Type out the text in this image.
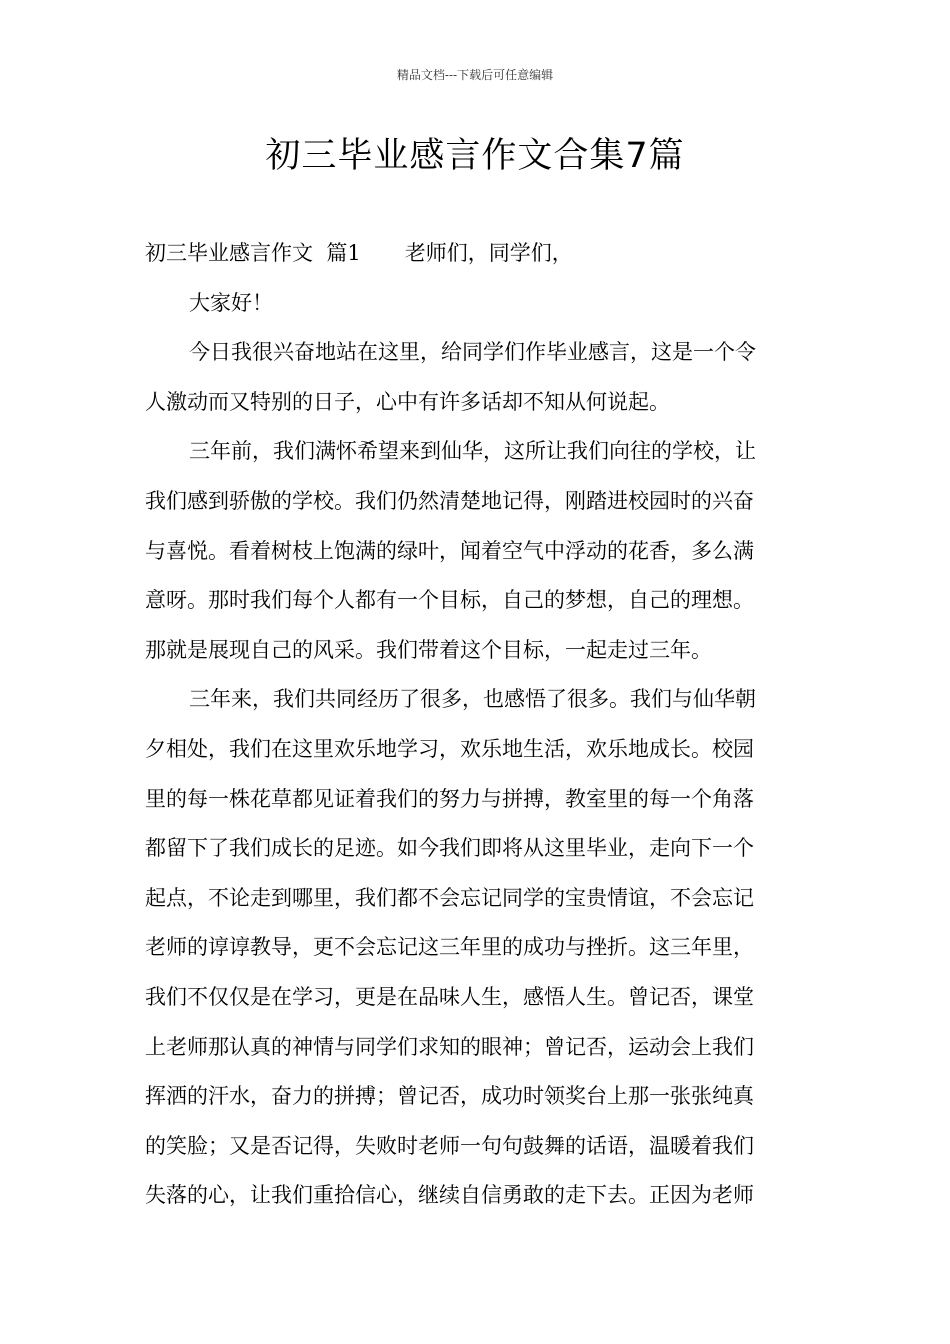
精品文档---下载后可任意编辑
初三毕业感言作文合集7篇
初三毕业感言作文  篇1 老师们，同学们，
大家好！
今日我很兴奋地站在这里，给同学们作毕业感言，这是一个令
人激动而又特别的日子，心中有许多话却不知从何说起。
三年前，我们满怀希望来到仙华，这所让我们向往的学校，让
我们感到骄傲的学校。我们仍然清楚地记得，刚踏进校园时的兴奋
与喜悦。看着树枝上饱满的绿叶，闻着空气中浮动的花香，多么满
意呀。那时我们每个人都有一个目标，自己的梦想，自己的理想。
那就是展现自己的风采。我们带着这个目标，一起走过三年。
三年来，我们共同经历了很多，也感悟了很多。我们与仙华朝
夕相处，我们在这里欢乐地学习，欢乐地生活，欢乐地成长。校园
里的每一株花草都见证着我们的努力与拼搏，教室里的每一个角落
都留下了我们成长的足迹。如今我们即将从这里毕业，走向下一个
起点，不论走到哪里，我们都不会忘记同学的宝贵情谊，不会忘记
老师的谆谆教导，更不会忘记这三年里的成功与挫折。这三年里，
我们不仅仅是在学习，更是在品味人生，感悟人生。曾记否，课堂
上老师那认真的神情与同学们求知的眼神；曾记否，运动会上我们
挥洒的汗水，奋力的拼搏；曾记否，成功时领奖台上那一张张纯真
的笑脸；又是否记得，失败时老师一句句鼓舞的话语，温暖着我们
失落的心，让我们重拾信心，继续自信勇敢的走下去。正因为老师
